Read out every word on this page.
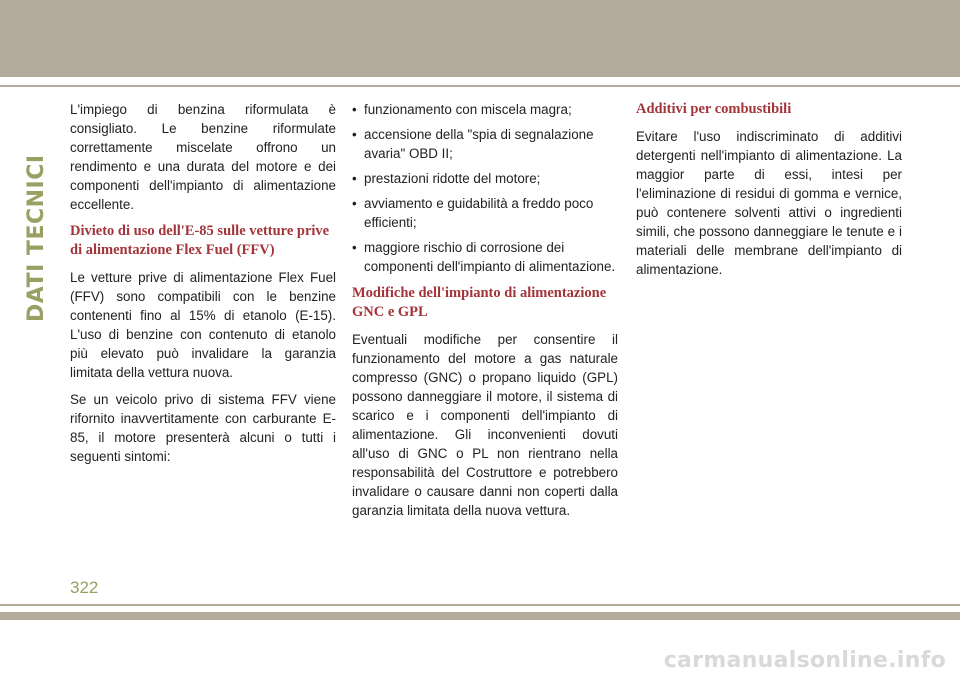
DATI TECNICI

L'impiego di benzina riformulata è consigliato. Le benzine riformulate correttamente miscelate offrono un rendimento e una durata del motore e dei componenti dell'impianto di alimentazione eccellente.

Divieto di uso dell'E-85 sulle vetture prive di alimentazione Flex Fuel (FFV)

Le vetture prive di alimentazione Flex Fuel (FFV) sono compatibili con le benzine contenenti fino al 15% di etanolo (E-15). L'uso di benzine con contenuto di etanolo più elevato può invalidare la garanzia limitata della vettura nuova.

Se un veicolo privo di sistema FFV viene rifornito inavvertitamente con carburante E-85, il motore presenterà alcuni o tutti i seguenti sintomi:

• funzionamento con miscela magra;
• accensione della "spia di segnalazione avaria" OBD II;
• prestazioni ridotte del motore;
• avviamento e guidabilità a freddo poco efficienti;
• maggiore rischio di corrosione dei componenti dell'impianto di alimentazione.
Modifiche dell'impianto di alimentazione GNC e GPL

Eventuali modifiche per consentire il funzionamento del motore a gas naturale compresso (GNC) o propano liquido (GPL) possono danneggiare il motore, il sistema di scarico e i componenti dell'impianto di alimentazione. Gli inconvenienti dovuti all'uso di GNC o PL non rientrano nella responsabilità del Costruttore e potrebbero invalidare o causare danni non coperti dalla garanzia limitata della nuova vettura.

Additivi per combustibili

Evitare l'uso indiscriminato di additivi detergenti nell'impianto di alimentazione. La maggior parte di essi, intesi per l'eliminazione di residui di gomma e vernice, può contenere solventi attivi o ingredienti simili, che possono danneggiare le tenute e i materiali delle membrane dell'impianto di alimentazione.

322
carmanualsonline.info
